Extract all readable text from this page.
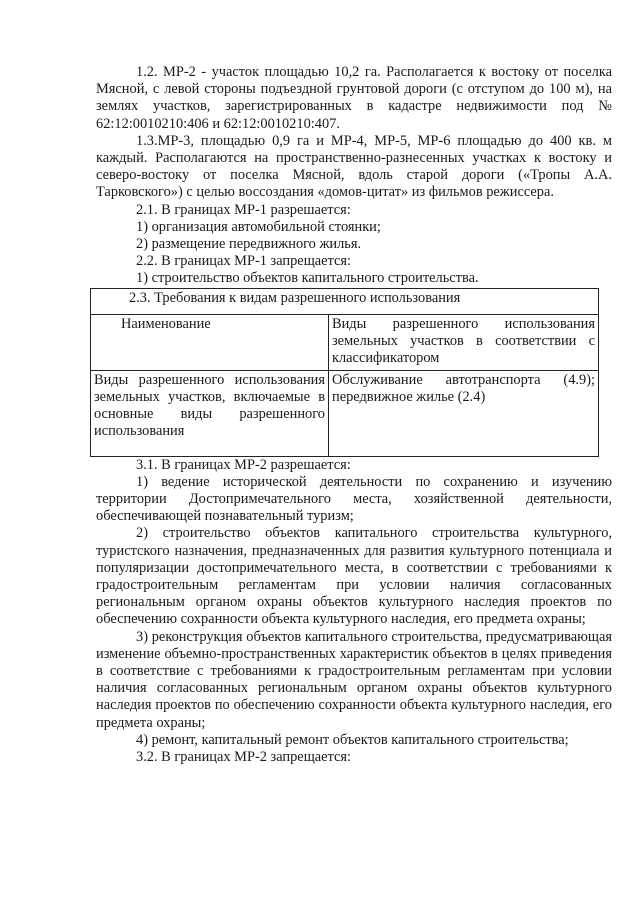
1.2. МР-2 - участок площадью 10,2 га. Располагается к востоку от поселка Мясной, с левой стороны подъездной грунтовой дороги (с отступом до 100 м), на землях участков, зарегистрированных в кадастре недвижимости под № 62:12:0010210:406 и 62:12:0010210:407.

1.3.МР-3, площадью 0,9 га и МР-4, МР-5, МР-6 площадью до 400 кв. м каждый. Располагаются на пространственно-разнесенных участках к востоку и северо-востоку от поселка Мясной, вдоль старой дороги («Тропы А.А. Тарковского») с целью воссоздания «домов-цитат» из фильмов режиссера.

2.1. В границах МР-1 разрешается:
1) организация автомобильной стоянки;
2) размещение передвижного жилья.
2.2. В границах МР-1 запрещается:
1) строительство объектов капитального строительства.
2.3. Требования к видам разрешенного использования	
Наименование	Виды разрешенного использования земельных участков в соответствии с классификатором
Виды разрешенного использования земельных участков, включаемые в основные виды разрешенного использования	Обслуживание автотранспорта (4.9); передвижное жилье (2.4)

3.1. В границах МР-2 разрешается:

1) ведение исторической деятельности по сохранению и изучению территории Достопримечательного места, хозяйственной деятельности, обеспечивающей познавательный туризм;

2) строительство объектов капитального строительства культурного, туристского назначения, предназначенных для развития культурного потенциала и популяризации достопримечательного места, в соответствии с требованиями к градостроительным регламентам при условии наличия согласованных региональным органом охраны объектов культурного наследия проектов по обеспечению сохранности объекта культурного наследия, его предмета охраны;

3) реконструкция объектов капитального строительства, предусматривающая изменение объемно-пространственных характеристик объектов в целях приведения в соответствие с требованиями к градостроительным регламентам при условии наличия согласованных региональным органом охраны объектов культурного наследия проектов по обеспечению сохранности объекта культурного наследия, его предмета охраны;

4) ремонт, капитальный ремонт объектов капитального строительства;

3.2. В границах МР-2 запрещается:
